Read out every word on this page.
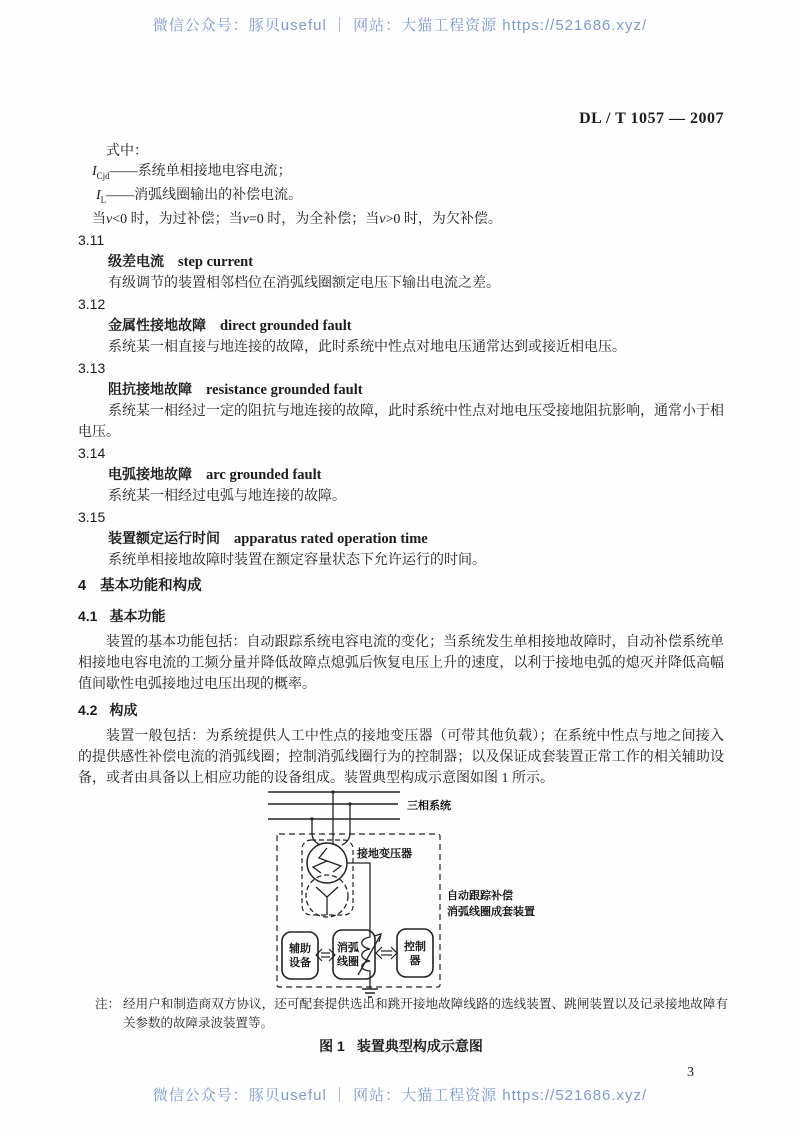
微信公众号：豚贝useful ｜ 网站：大猫工程资源 https://521686.xyz/
DL / T 1057 — 2007
式中：
$I_{Cjd}——$系统单相接地电容电流；
$I_L——$消弧线圈输出的补偿电流。
当v<0 时，为过补偿；当v=0 时，为全补偿；当v>0 时，为欠补偿。
3.11
级差电流 step current
有级调节的装置相邻档位在消弧线圈额定电压下输出电流之差。
3.12
金属性接地故障 direct grounded fault
系统某一相直接与地连接的故障，此时系统中性点对地电压通常达到或接近相电压。
3.13
阻抗接地故障 resistance grounded fault
系统某一相经过一定的阻抗与地连接的故障，此时系统中性点对地电压受接地阻抗影响，通常小于相电压。
3.14
电弧接地故障 arc grounded fault
系统某一相经过电弧与地连接的故障。
3.15
装置额定运行时间 apparatus rated operation time
系统单相接地故障时装置在额定容量状态下允许运行的时间。
4 基本功能和构成
4.1 基本功能

装置的基本功能包括：自动跟踪系统电容电流的变化；当系统发生单相接地故障时，自动补偿系统单相接地电容电流的工频分量并降低故障点熄弧后恢复电压上升的速度，以利于接地电弧的熄灭并降低高幅值间歇性电弧接地过电压出现的概率。

4.2 构成

装置一般包括：为系统提供人工中性点的接地变压器（可带其他负载）；在系统中性点与地之间接入的提供感性补偿电流的消弧线圈；控制消弧线圈行为的控制器；以及保证成套装置正常工作的相关辅助设备，或者由具备以上相应功能的设备组成。装置典型构成示意图如图 1 所示。

三相系统
接地变压器
辅助
设备
消弧
线圈
控制
器
自动跟踪补偿
消弧线圈成套装置
注： 经用户和制造商双方协议，还可配套提供选出和跳开接地故障线路的选线装置、跳闸装置以及记录接地故障有关参数的故障录波装置等。
图 1 装置典型构成示意图
3
微信公众号：豚贝useful ｜ 网站：大猫工程资源 https://521686.xyz/
